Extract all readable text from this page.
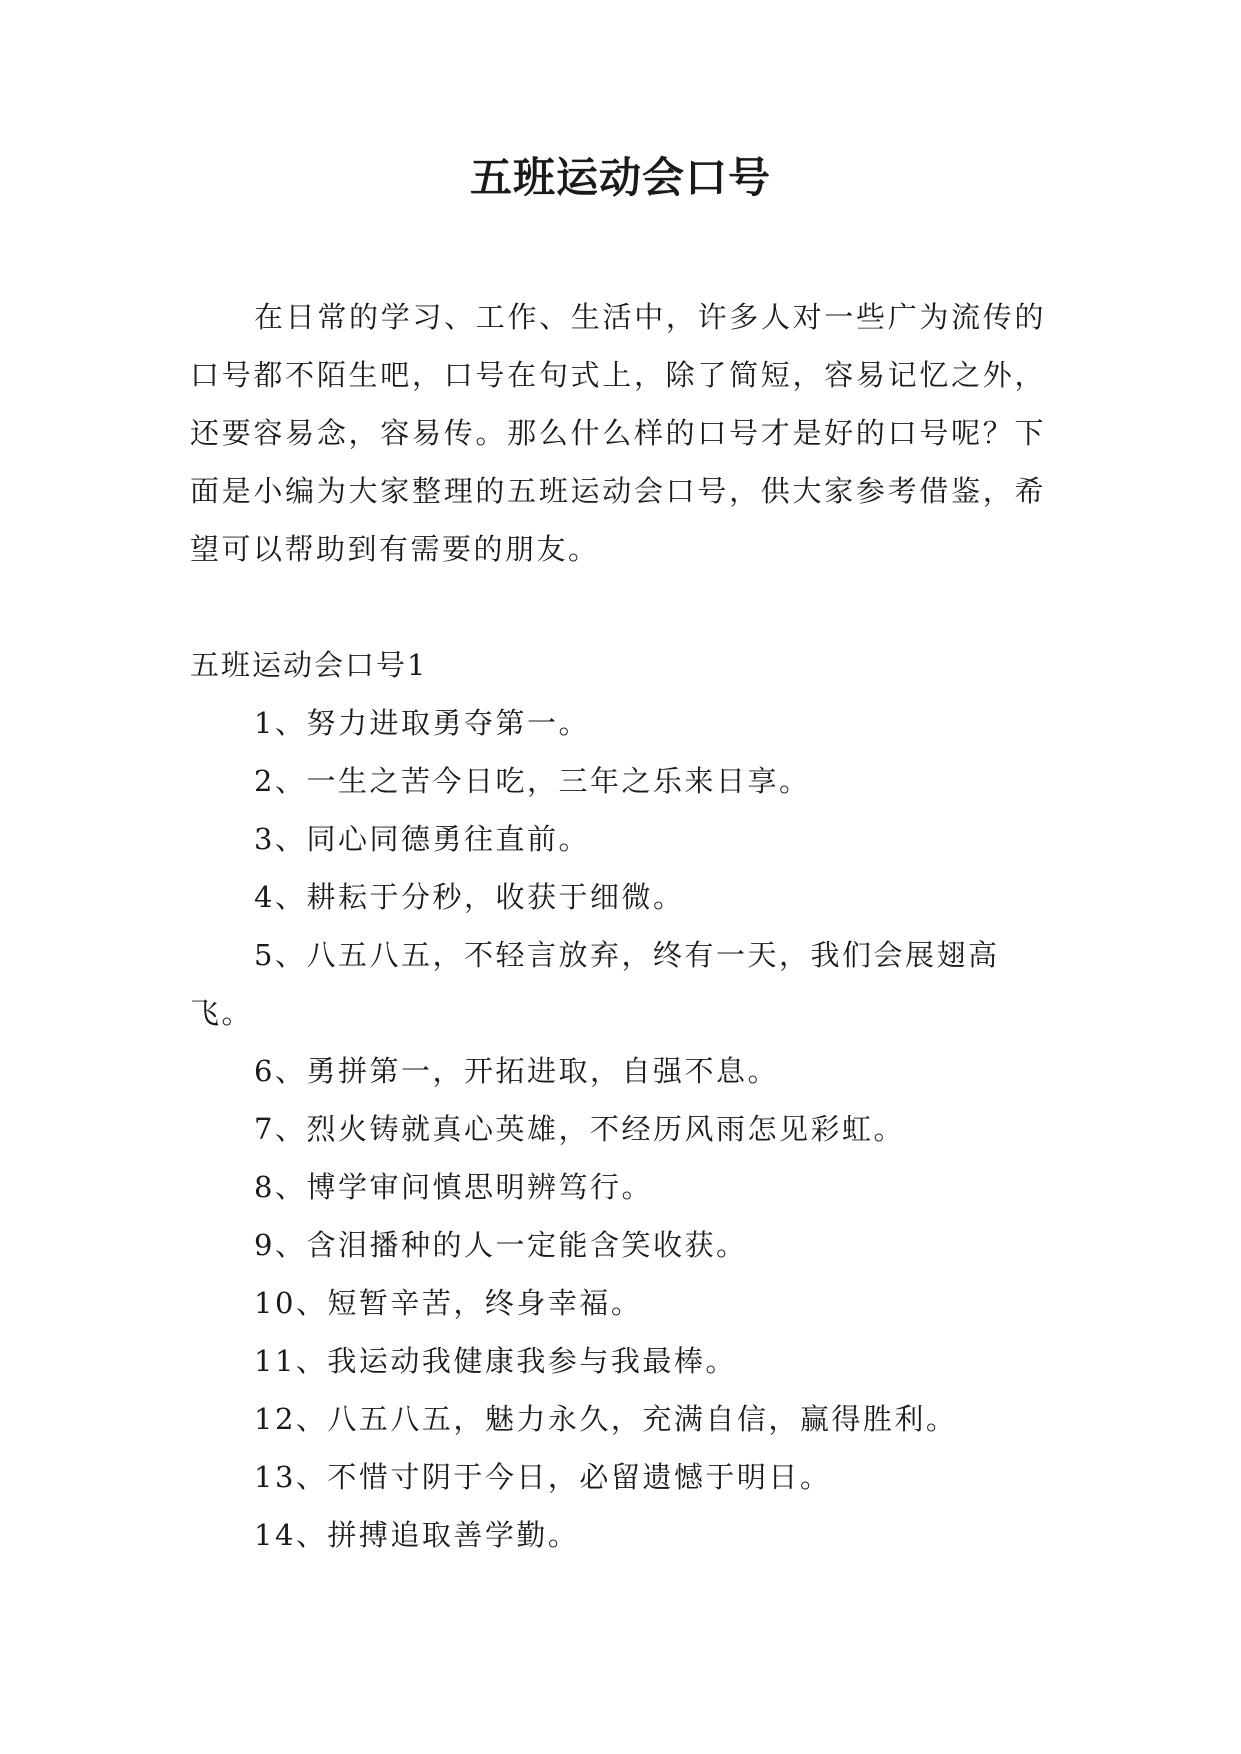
五班运动会口号

在日常的学习、工作、生活中，许多人对一些广为流传的口号都不陌生吧，口号在句式上，除了简短，容易记忆之外，还要容易念，容易传。那么什么样的口号才是好的口号呢？下面是小编为大家整理的五班运动会口号，供大家参考借鉴，希望可以帮助到有需要的朋友。

五班运动会口号1

1、努力进取勇夺第一。
2、一生之苦今日吃，三年之乐来日享。
3、同心同德勇往直前。
4、耕耘于分秒，收获于细微。
5、八五八五，不轻言放弃，终有一天，我们会展翅高飞。
6、勇拼第一，开拓进取，自强不息。
7、烈火铸就真心英雄，不经历风雨怎见彩虹。
8、博学审问慎思明辨笃行。
9、含泪播种的人一定能含笑收获。
10、短暂辛苦，终身幸福。
11、我运动我健康我参与我最棒。
12、八五八五，魅力永久，充满自信，赢得胜利。
13、不惜寸阴于今日，必留遗憾于明日。
14、拼搏追取善学勤。
